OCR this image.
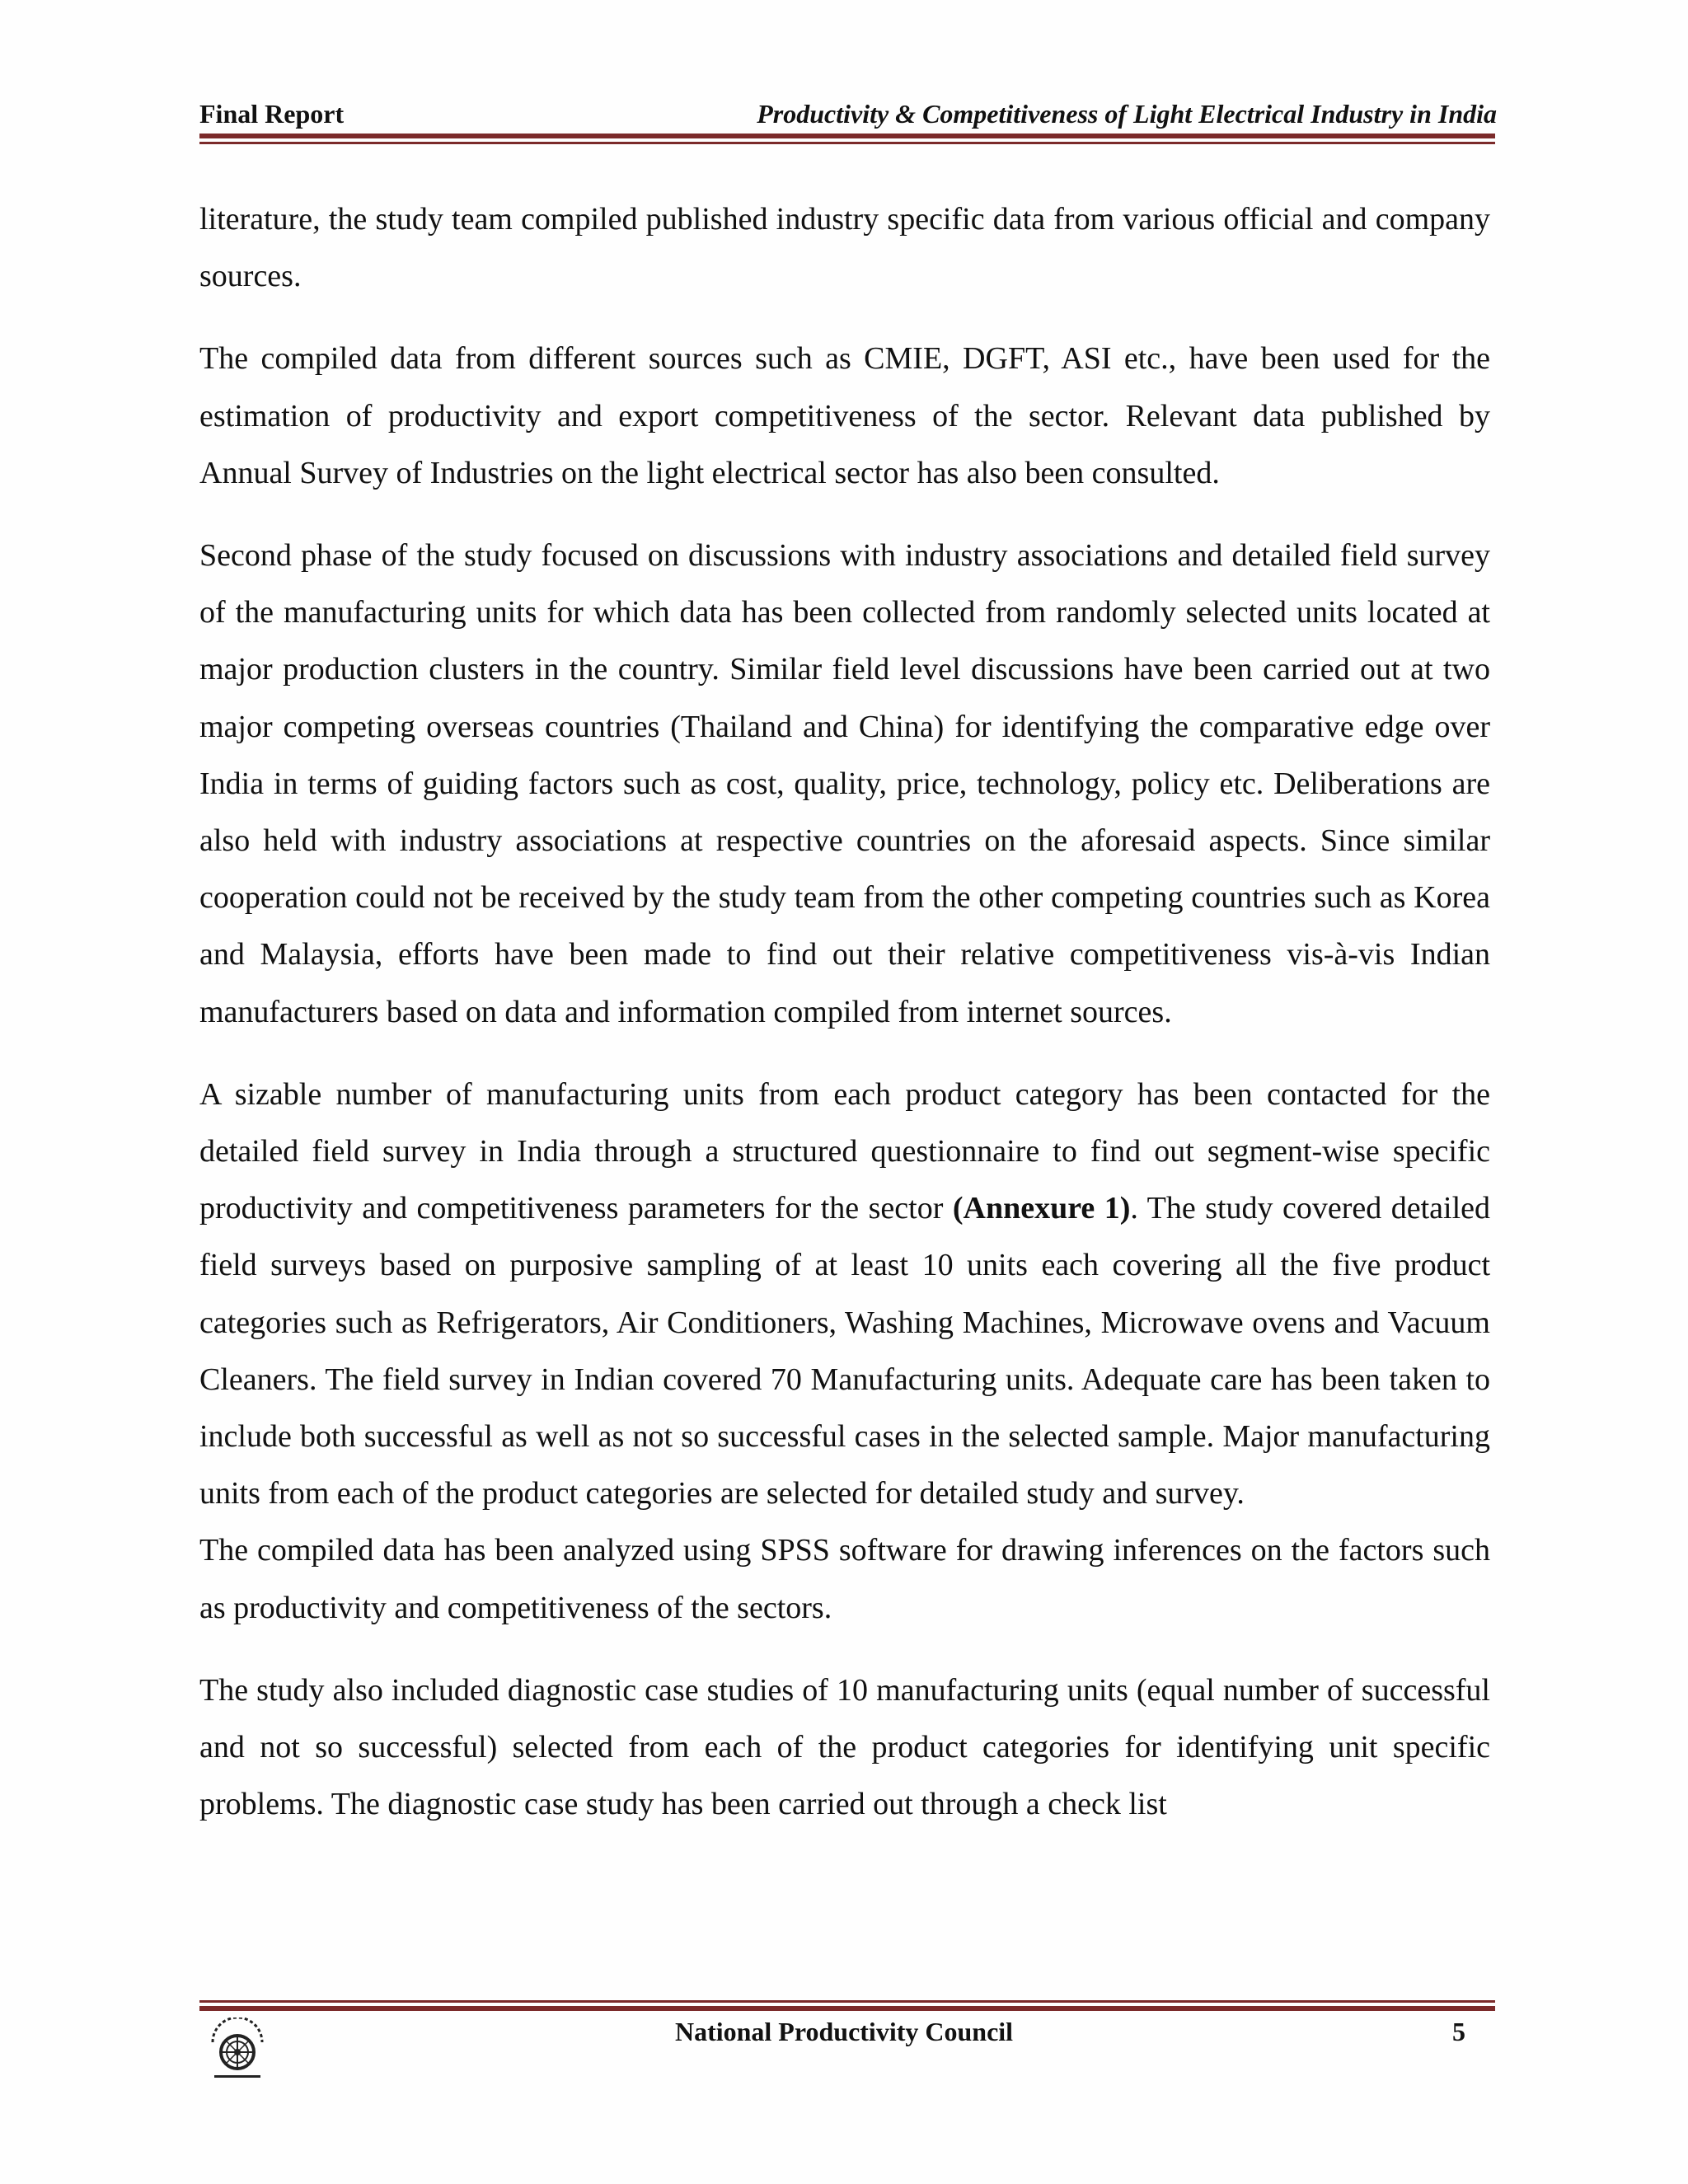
Final Report	Productivity & Competitiveness of Light Electrical Industry in India

literature, the study team compiled published industry specific data from various official and company sources.

The compiled data from different sources such as CMIE, DGFT, ASI etc., have been used for the estimation of productivity and export competitiveness of the sector. Relevant data published by Annual Survey of Industries on the light electrical sector has also been consulted.

Second phase of the study focused on discussions with industry associations and detailed field survey of the manufacturing units for which data has been collected from randomly selected units located at major production clusters in the country. Similar field level discussions have been carried out at two major competing overseas countries (Thailand and China) for identifying the comparative edge over India in terms of guiding factors such as cost, quality, price, technology, policy etc. Deliberations are also held with industry associations at respective countries on the aforesaid aspects. Since similar cooperation could not be received by the study team from the other competing countries such as Korea and Malaysia, efforts have been made to find out their relative competitiveness vis-à-vis Indian manufacturers based on data and information compiled from internet sources.

A sizable number of manufacturing units from each product category has been contacted for the detailed field survey in India through a structured questionnaire to find out segment-wise specific productivity and competitiveness parameters for the sector (Annexure 1). The study covered detailed field surveys based on purposive sampling of at least 10 units each covering all the five product categories such as Refrigerators, Air Conditioners, Washing Machines, Microwave ovens and Vacuum Cleaners. The field survey in Indian covered 70 Manufacturing units. Adequate care has been taken to include both successful as well as not so successful cases in the selected sample. Major manufacturing units from each of the product categories are selected for detailed study and survey.

The compiled data has been analyzed using SPSS software for drawing inferences on the factors such as productivity and competitiveness of the sectors.

The study also included diagnostic case studies of 10 manufacturing units (equal number of successful and not so successful) selected from each of the product categories for identifying unit specific problems. The diagnostic case study has been carried out through a check list

National Productivity Council	5
